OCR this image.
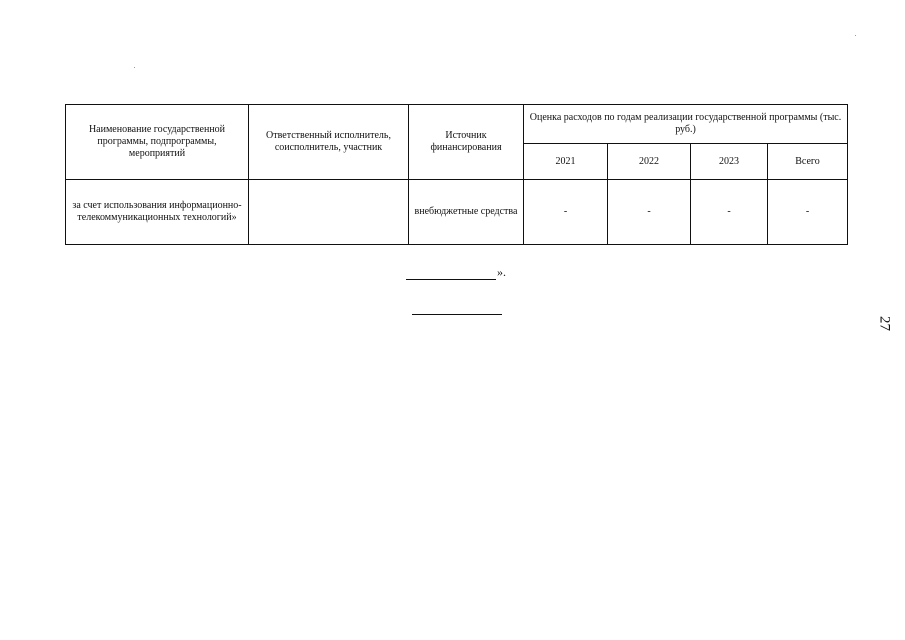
Наименование государственной программы, подпрограммы, мероприятий	Ответственный исполнитель, соисполнитель, участник	Источник финансирования	Оценка расходов по годам реализации государственной программы (тыс. руб.)			
			2021	2022	2023	Всего
за счет использования информационно-телекоммуникационных технологий»		внебюджетные средства	-	-	-	-
».
27
